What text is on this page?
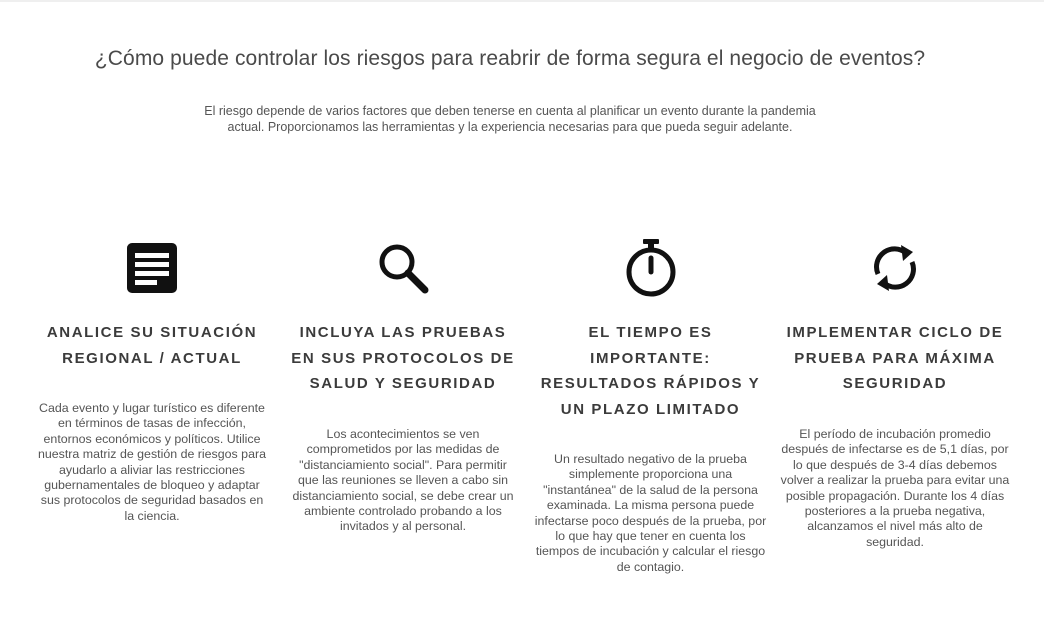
¿Cómo puede controlar los riesgos para reabrir de forma segura el negocio de eventos?

El riesgo depende de varios factores que deben tenerse en cuenta al planificar un evento durante la pandemia actual. Proporcionamos las herramientas y la experiencia necesarias para que pueda seguir adelante.

ANALICE SU SITUACIÓN REGIONAL / ACTUAL

Cada evento y lugar turístico es diferente en términos de tasas de infección, entornos económicos y políticos. Utilice nuestra matriz de gestión de riesgos para ayudarlo a aliviar las restricciones gubernamentales de bloqueo y adaptar sus protocolos de seguridad basados en la ciencia.

INCLUYA LAS PRUEBAS EN SUS PROTOCOLOS DE SALUD Y SEGURIDAD

Los acontecimientos se ven comprometidos por las medidas de "distanciamiento social". Para permitir que las reuniones se lleven a cabo sin distanciamiento social, se debe crear un ambiente controlado probando a los invitados y al personal.

EL TIEMPO ES IMPORTANTE: RESULTADOS RÁPIDOS Y UN PLAZO LIMITADO

Un resultado negativo de la prueba simplemente proporciona una "instantánea" de la salud de la persona examinada. La misma persona puede infectarse poco después de la prueba, por lo que hay que tener en cuenta los tiempos de incubación y calcular el riesgo de contagio.

IMPLEMENTAR CICLO DE PRUEBA PARA MÁXIMA SEGURIDAD

El período de incubación promedio después de infectarse es de 5,1 días, por lo que después de 3-4 días debemos volver a realizar la prueba para evitar una posible propagación. Durante los 4 días posteriores a la prueba negativa, alcanzamos el nivel más alto de seguridad.
